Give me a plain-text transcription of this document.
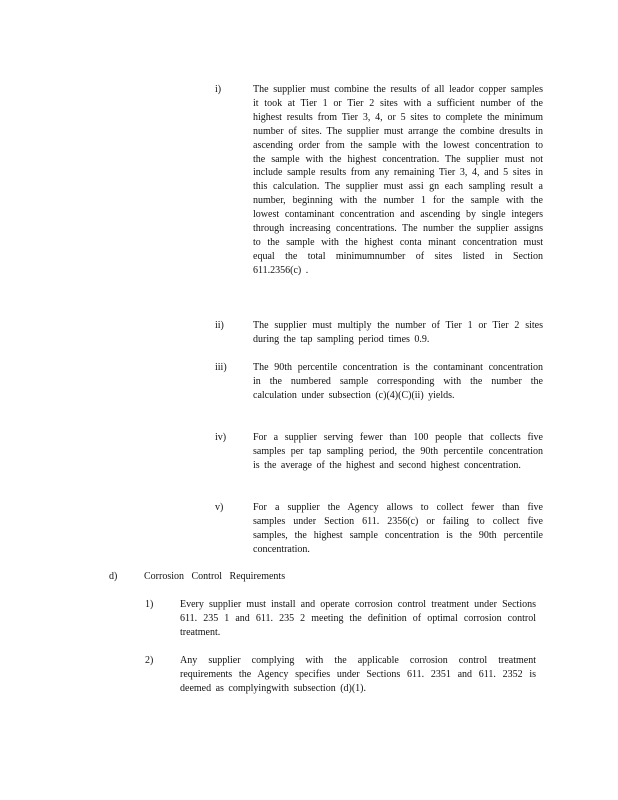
i)	The supplier must combine the results of all leador copper samples it took at Tier 1 or Tier 2 sites with a sufficient number of the highest results from Tier 3, 4, or 5 sites to complete the minimum number of sites. The supplier must arrange the combine dresults in ascending order from the sample with the lowest concentration to the sample with the highest concentration. The supplier must not include sample results from any remaining Tier 3, 4, and 5 sites in this calculation. The supplier must assi gn each sampling result a number, beginning with the number 1 for the sample with the lowest contaminant concentration and ascending by single integers through increasing concentrations. The number the supplier assigns to the sample with the highest conta minant concentration must equal the total minimumnumber of sites listed in Section 611.2356(c) .
ii)	The supplier must multiply the number of Tier 1 or Tier 2 sites during the tap sampling period times 0.9.
iii)	The 90th percentile concentration is the contaminant concentration in the numbered sample corresponding with the number the calculation under subsection (c)(4)(C)(ii) yields.
iv)	For a supplier serving fewer than 100 people that collects five samples per tap sampling period, the 90th percentile concentration is the average of the highest and second highest concentration.
v)	For a supplier the Agency allows to collect fewer than five samples under Section 611. 2356(c) or failing to collect five samples, the highest sample concentration is the 90th percentile concentration.
d)	Corrosion Control Requirements
1)	Every supplier must install and operate corrosion control treatment under Sections 611. 235 1 and 611. 235 2 meeting the definition of optimal corrosion control treatment.
2)	Any supplier complying with the applicable corrosion control treatment requirements the Agency specifies under Sections 611. 2351 and 611. 2352 is deemed as complyingwith subsection (d)(1).
